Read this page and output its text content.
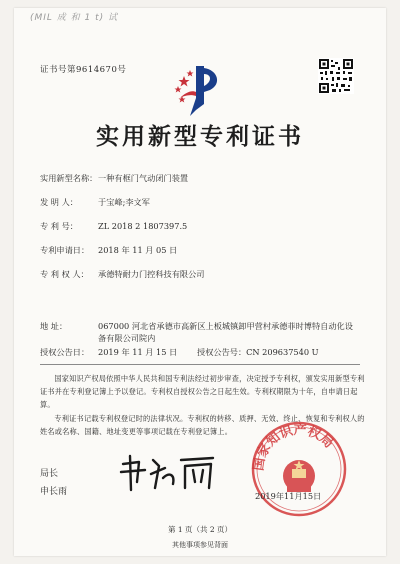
(MIL 成 和 1 t) 试
证书号第9614670号
实用新型专利证书
实用新型名称：一种有框门气动闭门装置
发 明 人： 于宝峰;李文军
专 利 号： ZL 2018 2 1807397.5
专利申请日： 2018 年 11 月 05 日
专 利 权 人： 承德特耐力门控科技有限公司
地 址：	067000 河北省承德市高新区上板城镇卸甲营村承德菲时博特自动化设备有限公司院内
授权公告日： 2019 年 11 月 15 日 授权公告号：CN 209637540 U
国家知识产权局依照中华人民共和国专利法经过初步审查，决定授予专利权，颁发实用新型专利证书并在专利登记簿上予以登记。专利权自授权公告之日起生效。专利权期限为十年，自申请日起算。
专利证书记载专利权登记时的法律状况。专利权的转移、质押、无效、终止、恢复和专利权人的姓名或名称、国籍、地址变更等事项记载在专利登记簿上。
局长
申长雨
国家知识产权局
2019年11月15日
第 1 页（共 2 页）
其他事项参见背面
